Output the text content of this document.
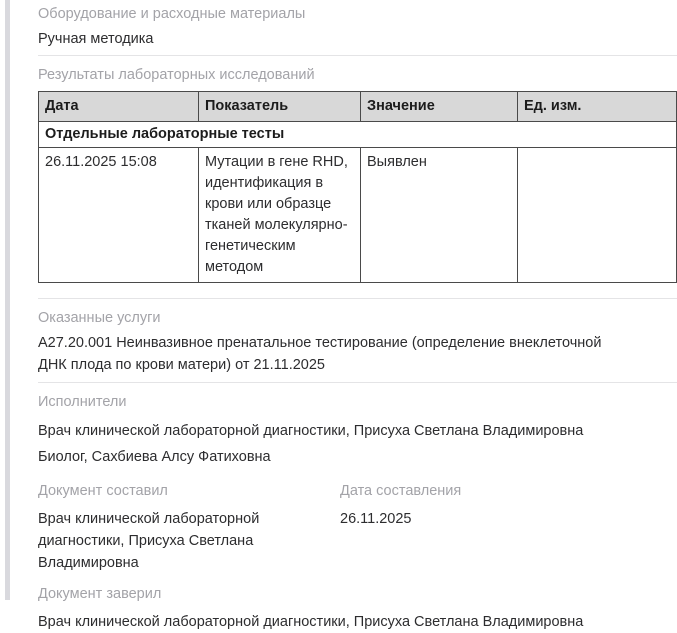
Оборудование и расходные материалы
Ручная методика
Результаты лабораторных исследований
Дата	Показатель	Значение	Ед. изм.
Отдельные лабораторные тесты			
26.11.2025 15:08	Мутации в гене RHD, идентификация в крови или образце тканей молекулярно-генетическим методом	Выявлен	
Оказанные услуги
А27.20.001 Неинвазивное пренатальное тестирование (определение внеклеточной ДНК плода по крови матери) от 21.11.2025
Исполнители
Врач клинической лабораторной диагностики, Присуха Светлана Владимировна
Биолог, Сахбиева Алсу Фатиховна
Документ составил
Врач клинической лабораторной диагностики, Присуха Светлана Владимировна
Дата составления
26.11.2025
Документ заверил
Врач клинической лабораторной диагностики, Присуха Светлана Владимировна
